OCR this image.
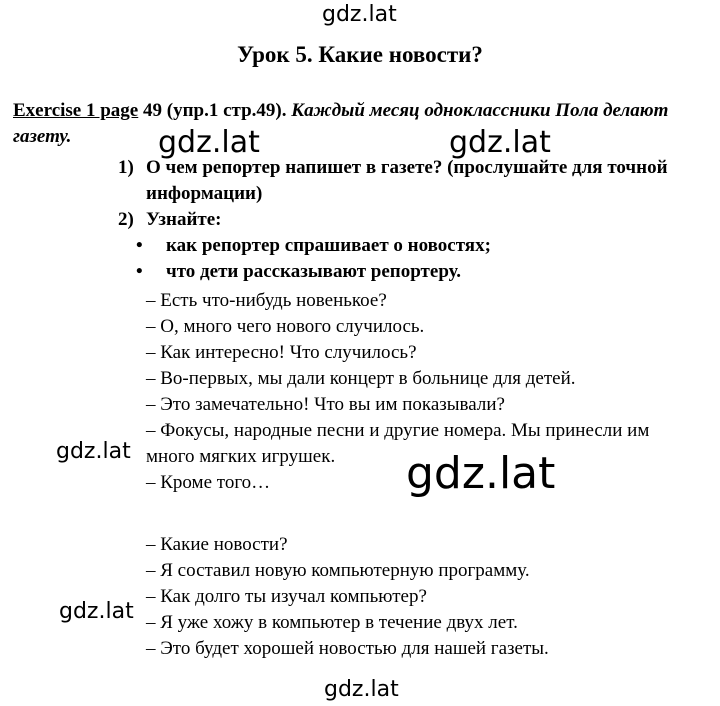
gdz.lat
gdz.lat	gdz.lat
gdz.lat	gdz.lat
gdz.lat
gdz.lat
Урок 5. Какие новости?
Exercise 1 page 49 (упр.1 стр.49). Каждый месяц одноклассники Пола делают газету.
1) О чем репортер напишет в газете? (прослушайте для точной информации)
2) Узнайте:
• как репортер спрашивает о новостях;
• что дети рассказывают репортеру.
– Есть что-нибудь новенькое?
– О, много чего нового случилось.
– Как интересно! Что случилось?
– Во-первых, мы дали концерт в больнице для детей.
– Это замечательно! Что вы им показывали?
– Фокусы, народные песни и другие номера. Мы принесли им много мягких игрушек.
– Кроме того…
– Какие новости?
– Я составил новую компьютерную программу.
– Как долго ты изучал компьютер?
– Я уже хожу в компьютер в течение двух лет.
– Это будет хорошей новостью для нашей газеты.
